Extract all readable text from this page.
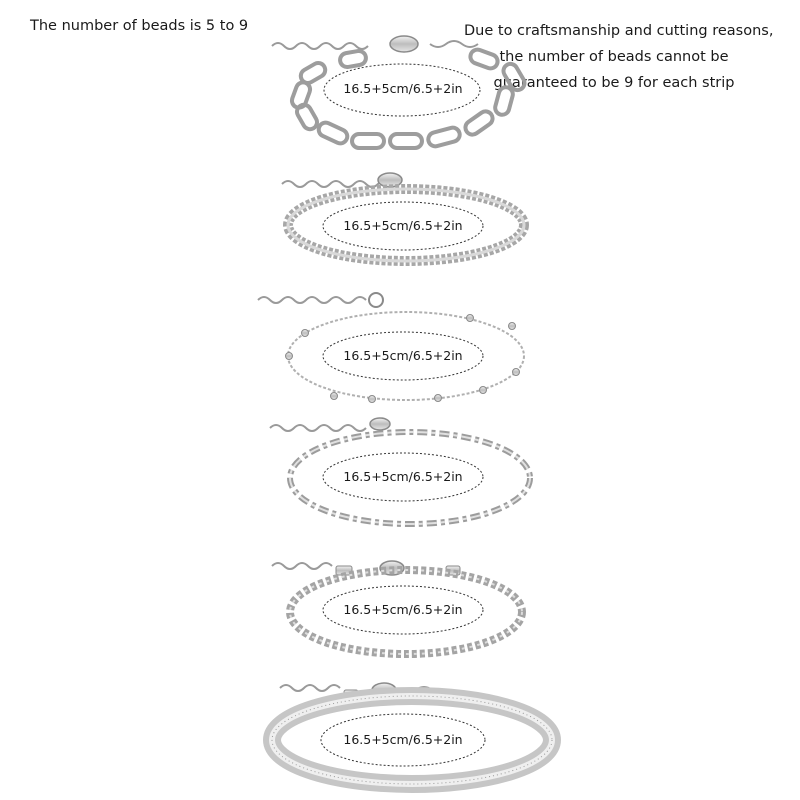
The number of beads is 5 to 9	Due to craftsmanship and cutting reasons,
the number of beads cannot be
guaranteed to be 9 for each strip
16.5+5cm/6.5+2in
16.5+5cm/6.5+2in
16.5+5cm/6.5+2in
16.5+5cm/6.5+2in
16.5+5cm/6.5+2in
16.5+5cm/6.5+2in
